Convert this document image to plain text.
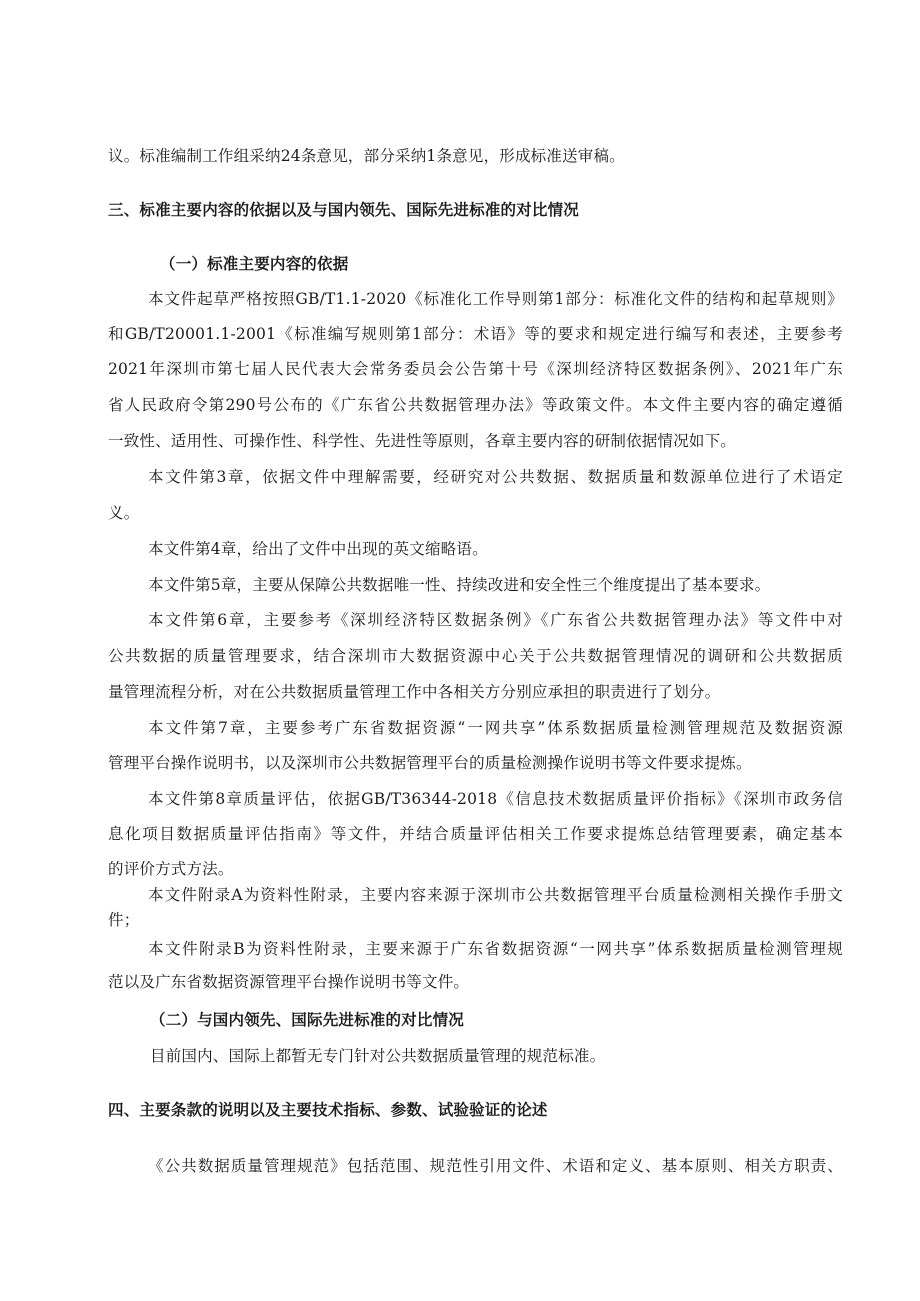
议。标准编制工作组采纳24条意见，部分采纳1条意见，形成标准送审稿。

三、标准主要内容的依据以及与国内领先、国际先进标准的对比情况

（一）标准主要内容的依据

本文件起草严格按照GB/T1.1-2020《标准化工作导则第1部分：标准化文件的结构和起草规则》

和GB/T20001.1-2001《标准编写规则第1部分：术语》等的要求和规定进行编写和表述，主要参考

2021年深圳市第七届人民代表大会常务委员会公告第十号《深圳经济特区数据条例》、2021年广东

省人民政府令第290号公布的《广东省公共数据管理办法》等政策文件。本文件主要内容的确定遵循

一致性、适用性、可操作性、科学性、先进性等原则，各章主要内容的研制依据情况如下。

本文件第3章，依据文件中理解需要，经研究对公共数据、数据质量和数源单位进行了术语定

义。

本文件第4章，给出了文件中出现的英文缩略语。

本文件第5章，主要从保障公共数据唯一性、持续改进和安全性三个维度提出了基本要求。

本文件第6章，主要参考《深圳经济特区数据条例》《广东省公共数据管理办法》等文件中对

公共数据的质量管理要求，结合深圳市大数据资源中心关于公共数据管理情况的调研和公共数据质

量管理流程分析，对在公共数据质量管理工作中各相关方分别应承担的职责进行了划分。

本文件第7章，主要参考广东省数据资源“一网共享”体系数据质量检测管理规范及数据资源

管理平台操作说明书，以及深圳市公共数据管理平台的质量检测操作说明书等文件要求提炼。

本文件第8章质量评估，依据GB/T36344-2018《信息技术数据质量评价指标》《深圳市政务信

息化项目数据质量评估指南》等文件，并结合质量评估相关工作要求提炼总结管理要素，确定基本

的评价方式方法。

本文件附录A为资料性附录，主要内容来源于深圳市公共数据管理平台质量检测相关操作手册文

件；

本文件附录B为资料性附录，主要来源于广东省数据资源“一网共享”体系数据质量检测管理规

范以及广东省数据资源管理平台操作说明书等文件。

（二）与国内领先、国际先进标准的对比情况

目前国内、国际上都暂无专门针对公共数据质量管理的规范标准。

四、主要条款的说明以及主要技术指标、参数、试验验证的论述

《公共数据质量管理规范》包括范围、规范性引用文件、术语和定义、基本原则、相关方职责、
